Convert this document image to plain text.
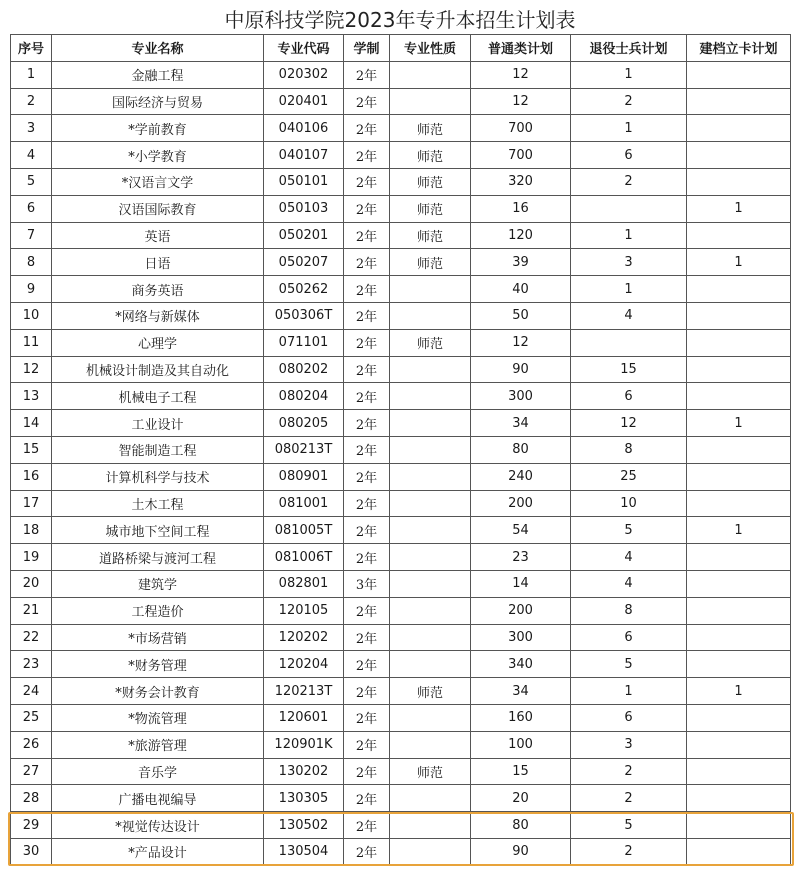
中原科技学院2023年专升本招生计划表
序号	专业名称	专业代码	学制	专业性质	普通类计划	退役士兵计划	建档立卡计划
1	金融工程	020302	2年		12	1	
2	国际经济与贸易	020401	2年		12	2	
3	*学前教育	040106	2年	师范	700	1	
4	*小学教育	040107	2年	师范	700	6	
5	*汉语言文学	050101	2年	师范	320	2	
6	汉语国际教育	050103	2年	师范	16		1
7	英语	050201	2年	师范	120	1	
8	日语	050207	2年	师范	39	3	1
9	商务英语	050262	2年		40	1	
10	*网络与新媒体	050306T	2年		50	4	
11	心理学	071101	2年	师范	12		
12	机械设计制造及其自动化	080202	2年		90	15	
13	机械电子工程	080204	2年		300	6	
14	工业设计	080205	2年		34	12	1
15	智能制造工程	080213T	2年		80	8	
16	计算机科学与技术	080901	2年		240	25	
17	土木工程	081001	2年		200	10	
18	城市地下空间工程	081005T	2年		54	5	1
19	道路桥梁与渡河工程	081006T	2年		23	4	
20	建筑学	082801	3年		14	4	
21	工程造价	120105	2年		200	8	
22	*市场营销	120202	2年		300	6	
23	*财务管理	120204	2年		340	5	
24	*财务会计教育	120213T	2年	师范	34	1	1
25	*物流管理	120601	2年		160	6	
26	*旅游管理	120901K	2年		100	3	
27	音乐学	130202	2年	师范	15	2	
28	广播电视编导	130305	2年		20	2	
29	*视觉传达设计	130502	2年		80	5	
30	*产品设计	130504	2年		90	2	
